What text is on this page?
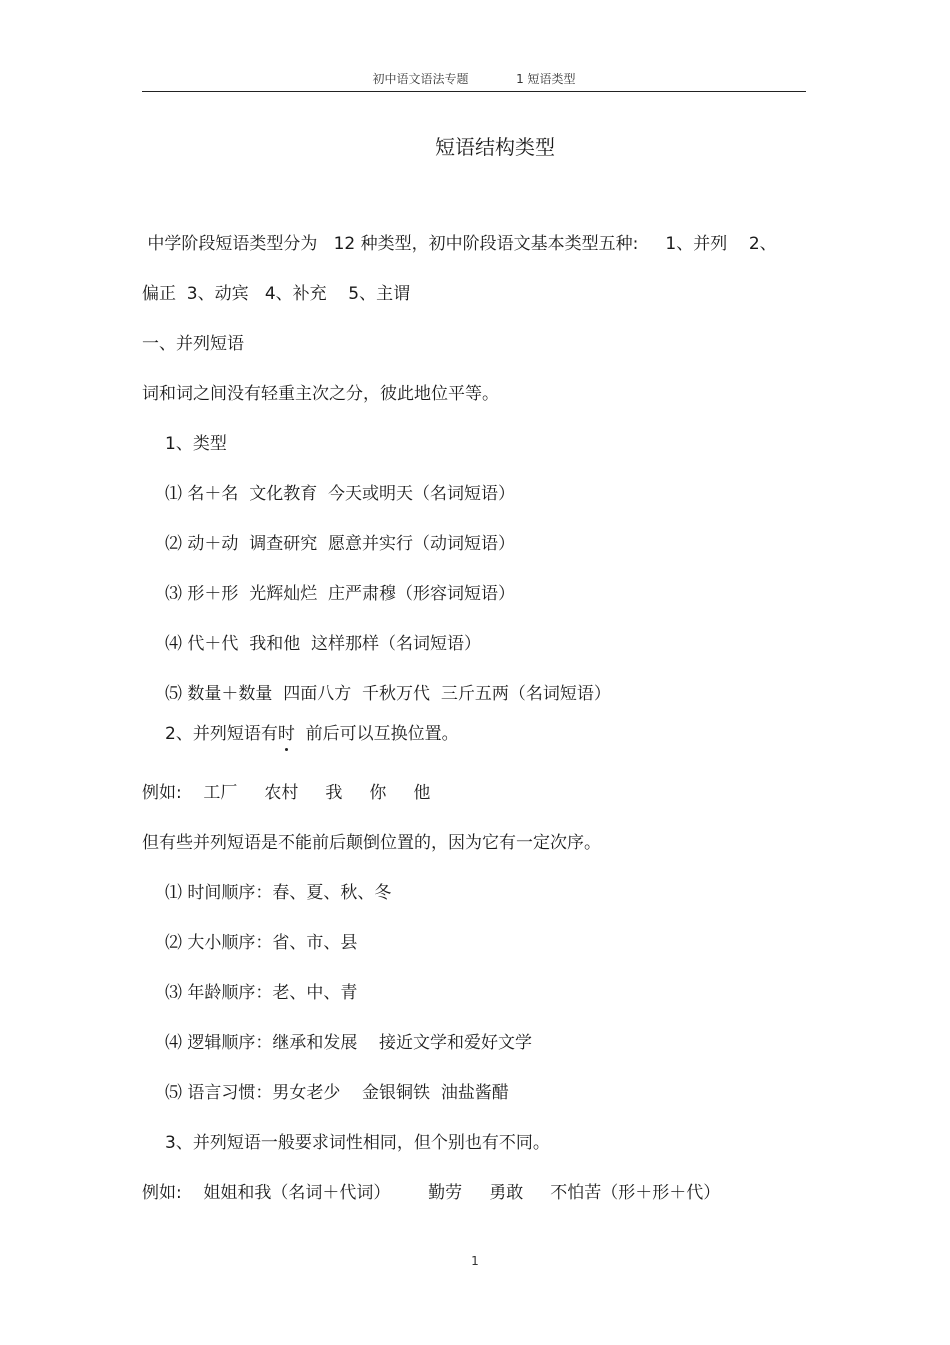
初中语文语法专题	1 短语类型
短语结构类型
中学阶段短语类型分为   12 种类型，初中阶段语文基本类型五种:     1、并列    2、
偏正  3、动宾   4、补充    5、主谓
一、并列短语
词和词之间没有轻重主次之分，彼此地位平等。
1、类型
⑴ 名＋名  文化教育  今天或明天（名词短语）
⑵ 动＋动  调查研究  愿意并实行（动词短语）
⑶ 形＋形  光辉灿烂  庄严肃穆（形容词短语）
⑷ 代＋代  我和他  这样那样（名词短语）
⑸ 数量＋数量  四面八方  千秋万代  三斤五两（名词短语）
2、并列短语有时  前后可以互换位置。
例如:    工厂     农村     我     你     他
但有些并列短语是不能前后颠倒位置的，因为它有一定次序。
⑴ 时间顺序：春、夏、秋、冬
⑵ 大小顺序：省、市、县
⑶ 年龄顺序：老、中、青
⑷ 逻辑顺序：继承和发展    接近文学和爱好文学
⑸ 语言习惯：男女老少    金银铜铁  油盐酱醋
3、并列短语一般要求词性相同，但个别也有不同。
例如:    姐姐和我（名词＋代词）       勤劳     勇敢     不怕苦（形＋形＋代）
1
